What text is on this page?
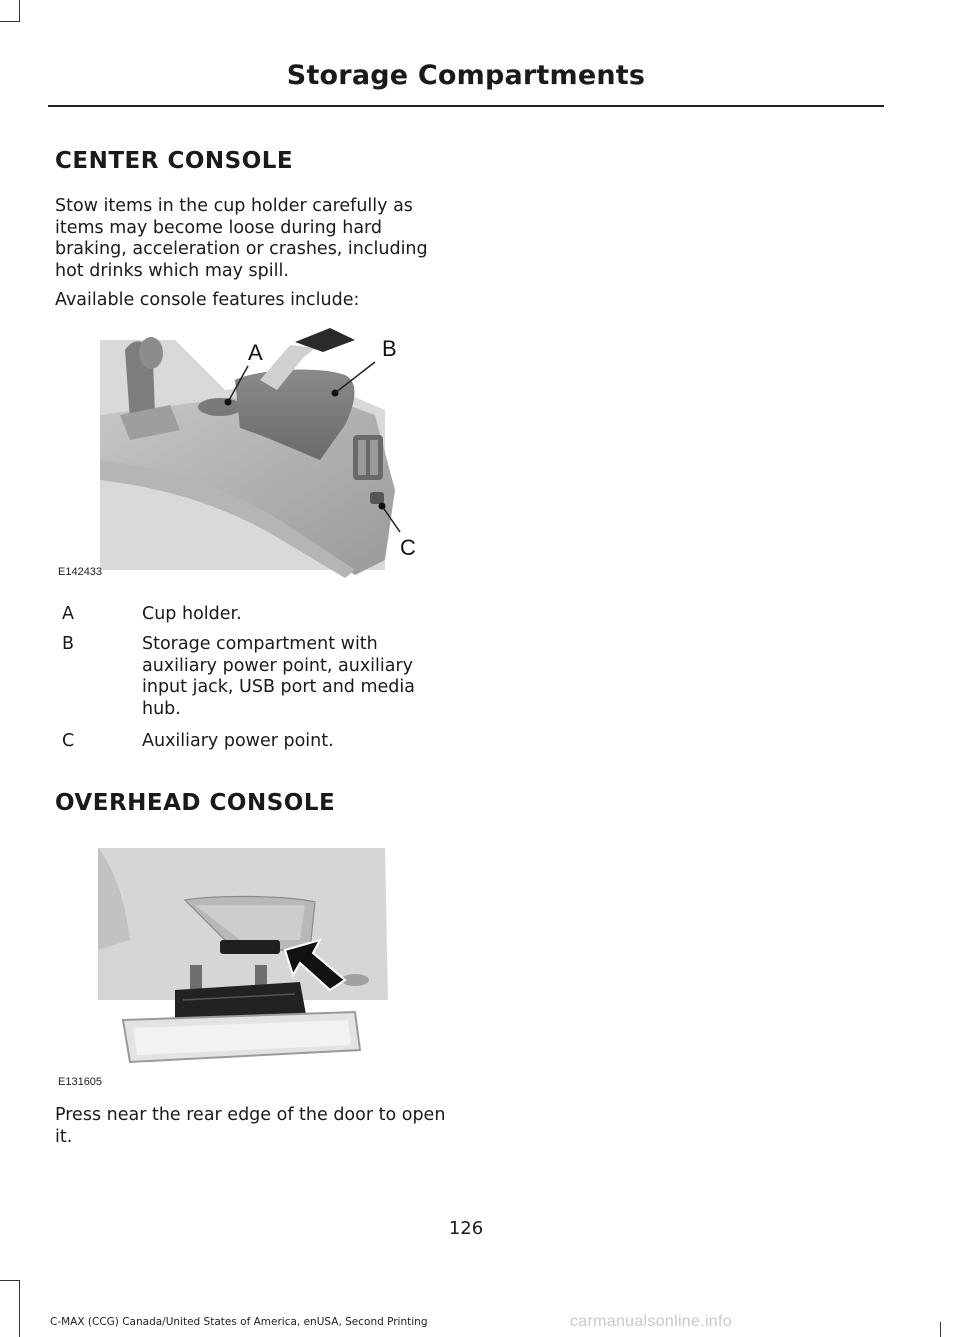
Storage Compartments
CENTER CONSOLE
Stow items in the cup holder carefully as items may become loose during hard braking, acceleration or crashes, including hot drinks which may spill.
Available console features include:
A	B
C
E142433
A	Cup holder.
B	Storage compartment with auxiliary power point, auxiliary input jack, USB port and media hub.
C	Auxiliary power point.
OVERHEAD CONSOLE
E131605
Press near the rear edge of the door to open it.
126
C-MAX (CCG) Canada/United States of America, enUSA, Second Printing	carmanualsonline.info
